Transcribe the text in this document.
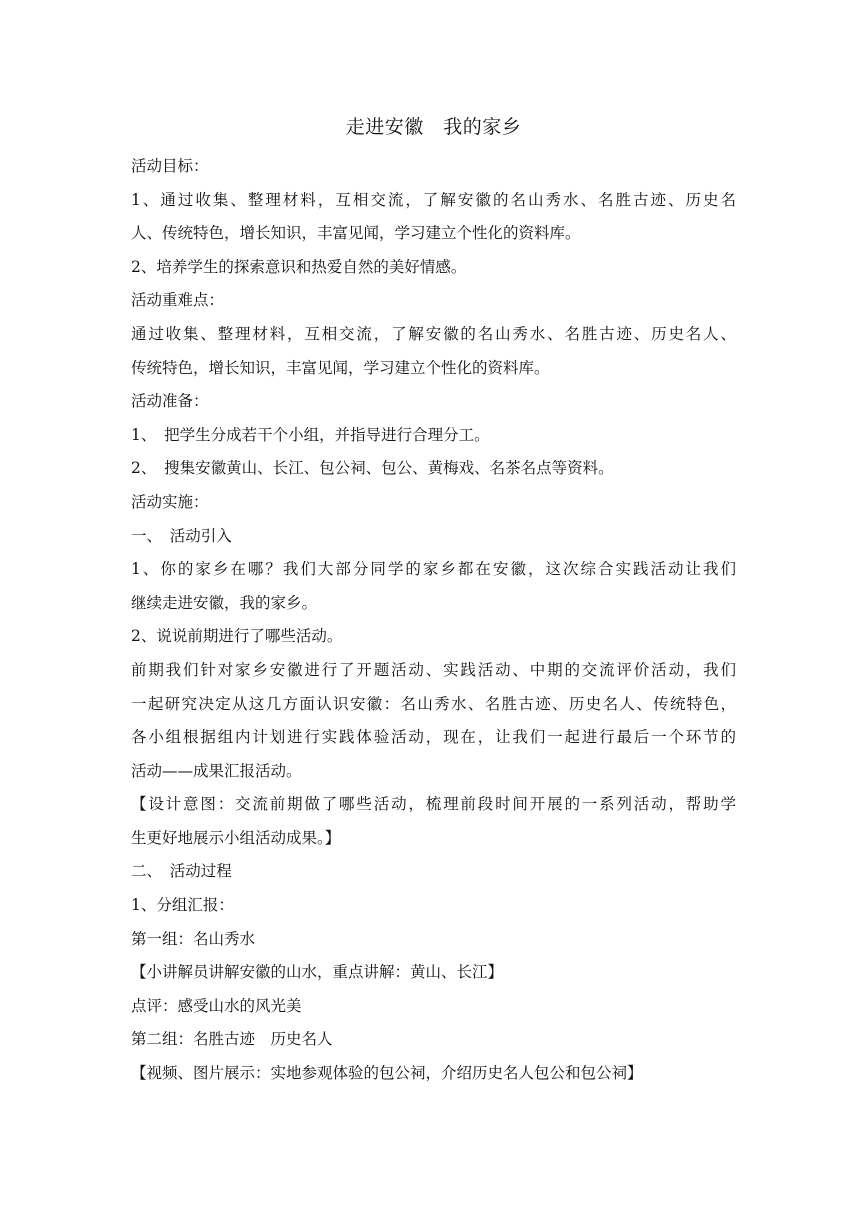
走进安徽　我的家乡
活动目标：
1、通过收集、整理材料，互相交流，了解安徽的名山秀水、名胜古迹、历史名
人、传统特色，增长知识，丰富见闻，学习建立个性化的资料库。
2、培养学生的探索意识和热爱自然的美好情感。
活动重难点：
通过收集、整理材料，互相交流，了解安徽的名山秀水、名胜古迹、历史名人、
传统特色，增长知识，丰富见闻，学习建立个性化的资料库。
活动准备：
1、　把学生分成若干个小组，并指导进行合理分工。
2、　搜集安徽黄山、长江、包公祠、包公、黄梅戏、名茶名点等资料。
活动实施：
一、　活动引入
1、你的家乡在哪？我们大部分同学的家乡都在安徽，这次综合实践活动让我们
继续走进安徽，我的家乡。
2、说说前期进行了哪些活动。
前期我们针对家乡安徽进行了开题活动、实践活动、中期的交流评价活动，我们
一起研究决定从这几方面认识安徽：名山秀水、名胜古迹、历史名人、传统特色，
各小组根据组内计划进行实践体验活动，现在，让我们一起进行最后一个环节的
活动——成果汇报活动。
【设计意图：交流前期做了哪些活动，梳理前段时间开展的一系列活动，帮助学
生更好地展示小组活动成果。】
二、　活动过程
1、分组汇报：
第一组：名山秀水
【小讲解员讲解安徽的山水，重点讲解：黄山、长江】
点评：感受山水的风光美
第二组：名胜古迹　历史名人
【视频、图片展示：实地参观体验的包公祠，介绍历史名人包公和包公祠】
